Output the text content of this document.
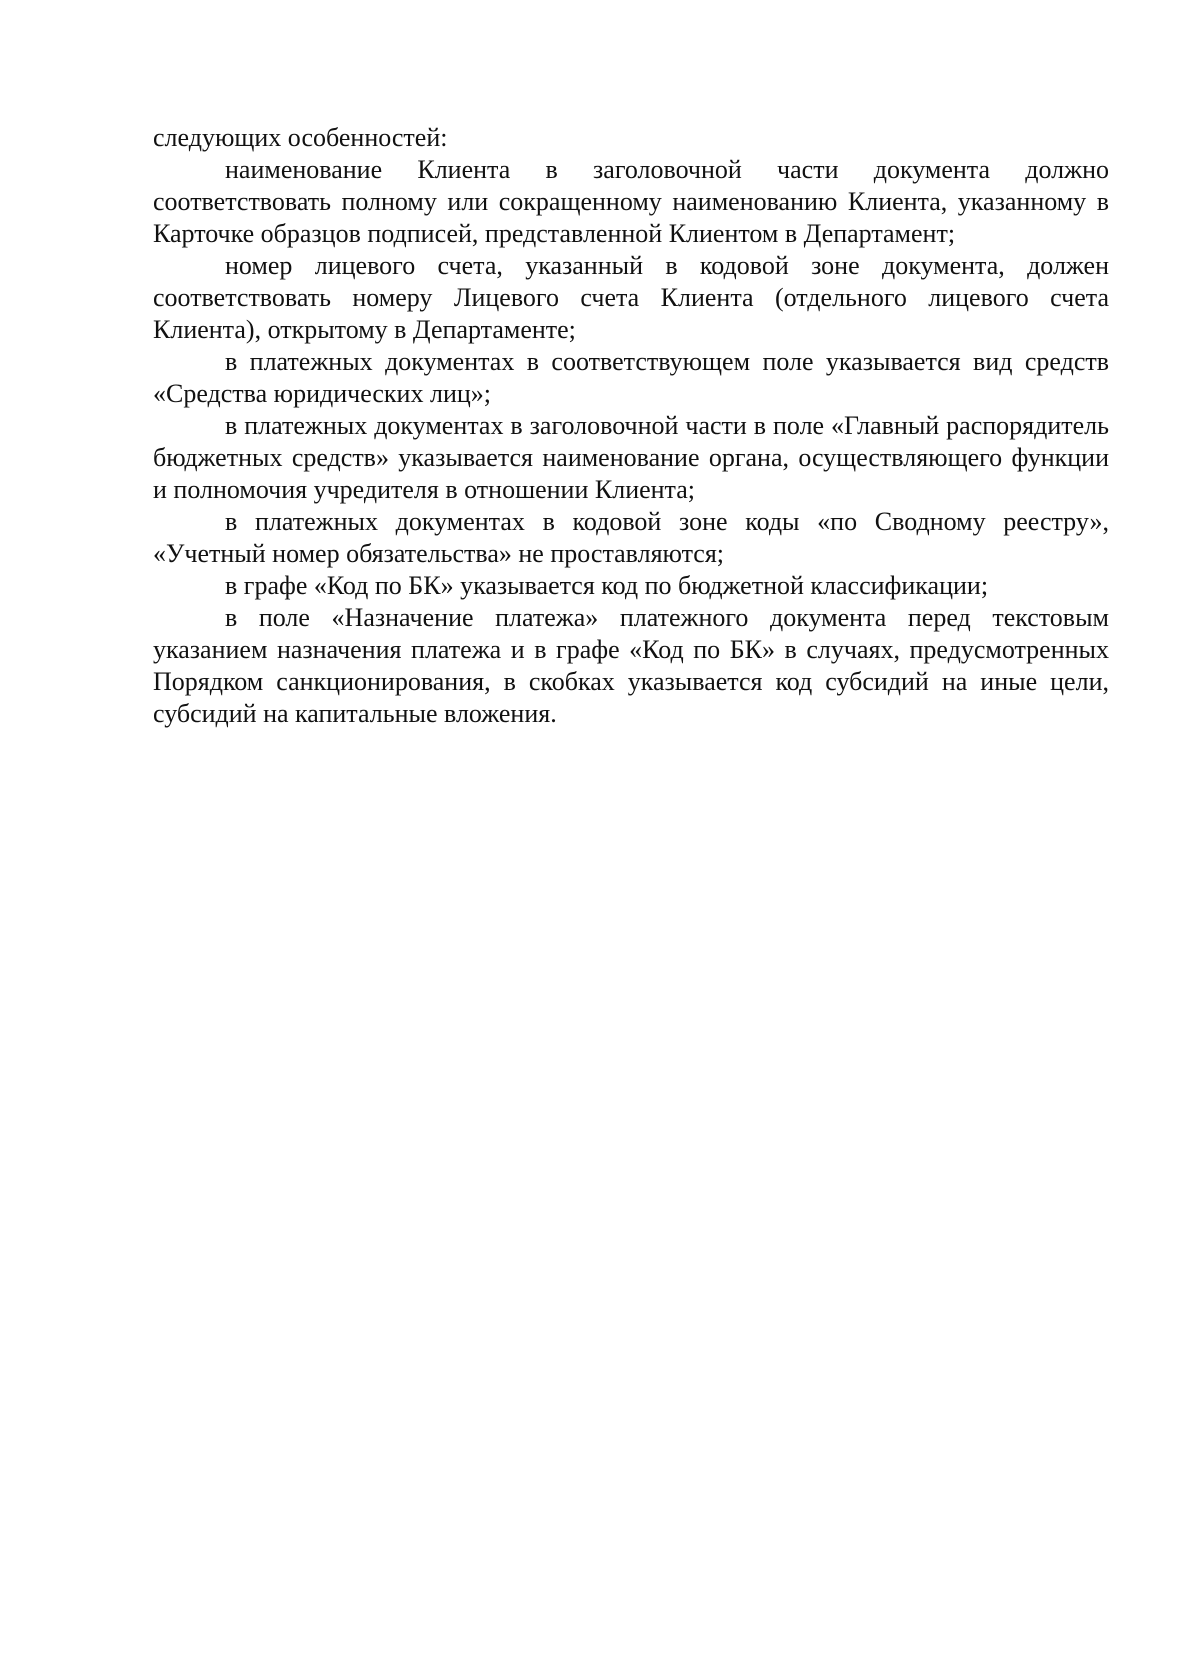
следующих особенностей:

наименование Клиента в заголовочной части документа должно соответствовать полному или сокращенному наименованию Клиента, указанному в Карточке образцов подписей, представленной Клиентом в Департамент;

номер лицевого счета, указанный в кодовой зоне документа, должен соответствовать номеру Лицевого счета Клиента (отдельного лицевого счета Клиента), открытому в Департаменте;

в платежных документах в соответствующем поле указывается вид средств «Средства юридических лиц»;

в платежных документах в заголовочной части в поле «Главный распорядитель бюджетных средств» указывается наименование органа, осуществляющего функции и полномочия учредителя в отношении Клиента;

в платежных документах в кодовой зоне коды «по Сводному реестру», «Учетный номер обязательства» не проставляются;

в графе «Код по БК» указывается код по бюджетной классификации;

в поле «Назначение платежа» платежного документа перед текстовым указанием назначения платежа и в графе «Код по БК» в случаях, предусмотренных Порядком санкционирования, в скобках указывается код субсидий на иные цели, субсидий на капитальные вложения.
